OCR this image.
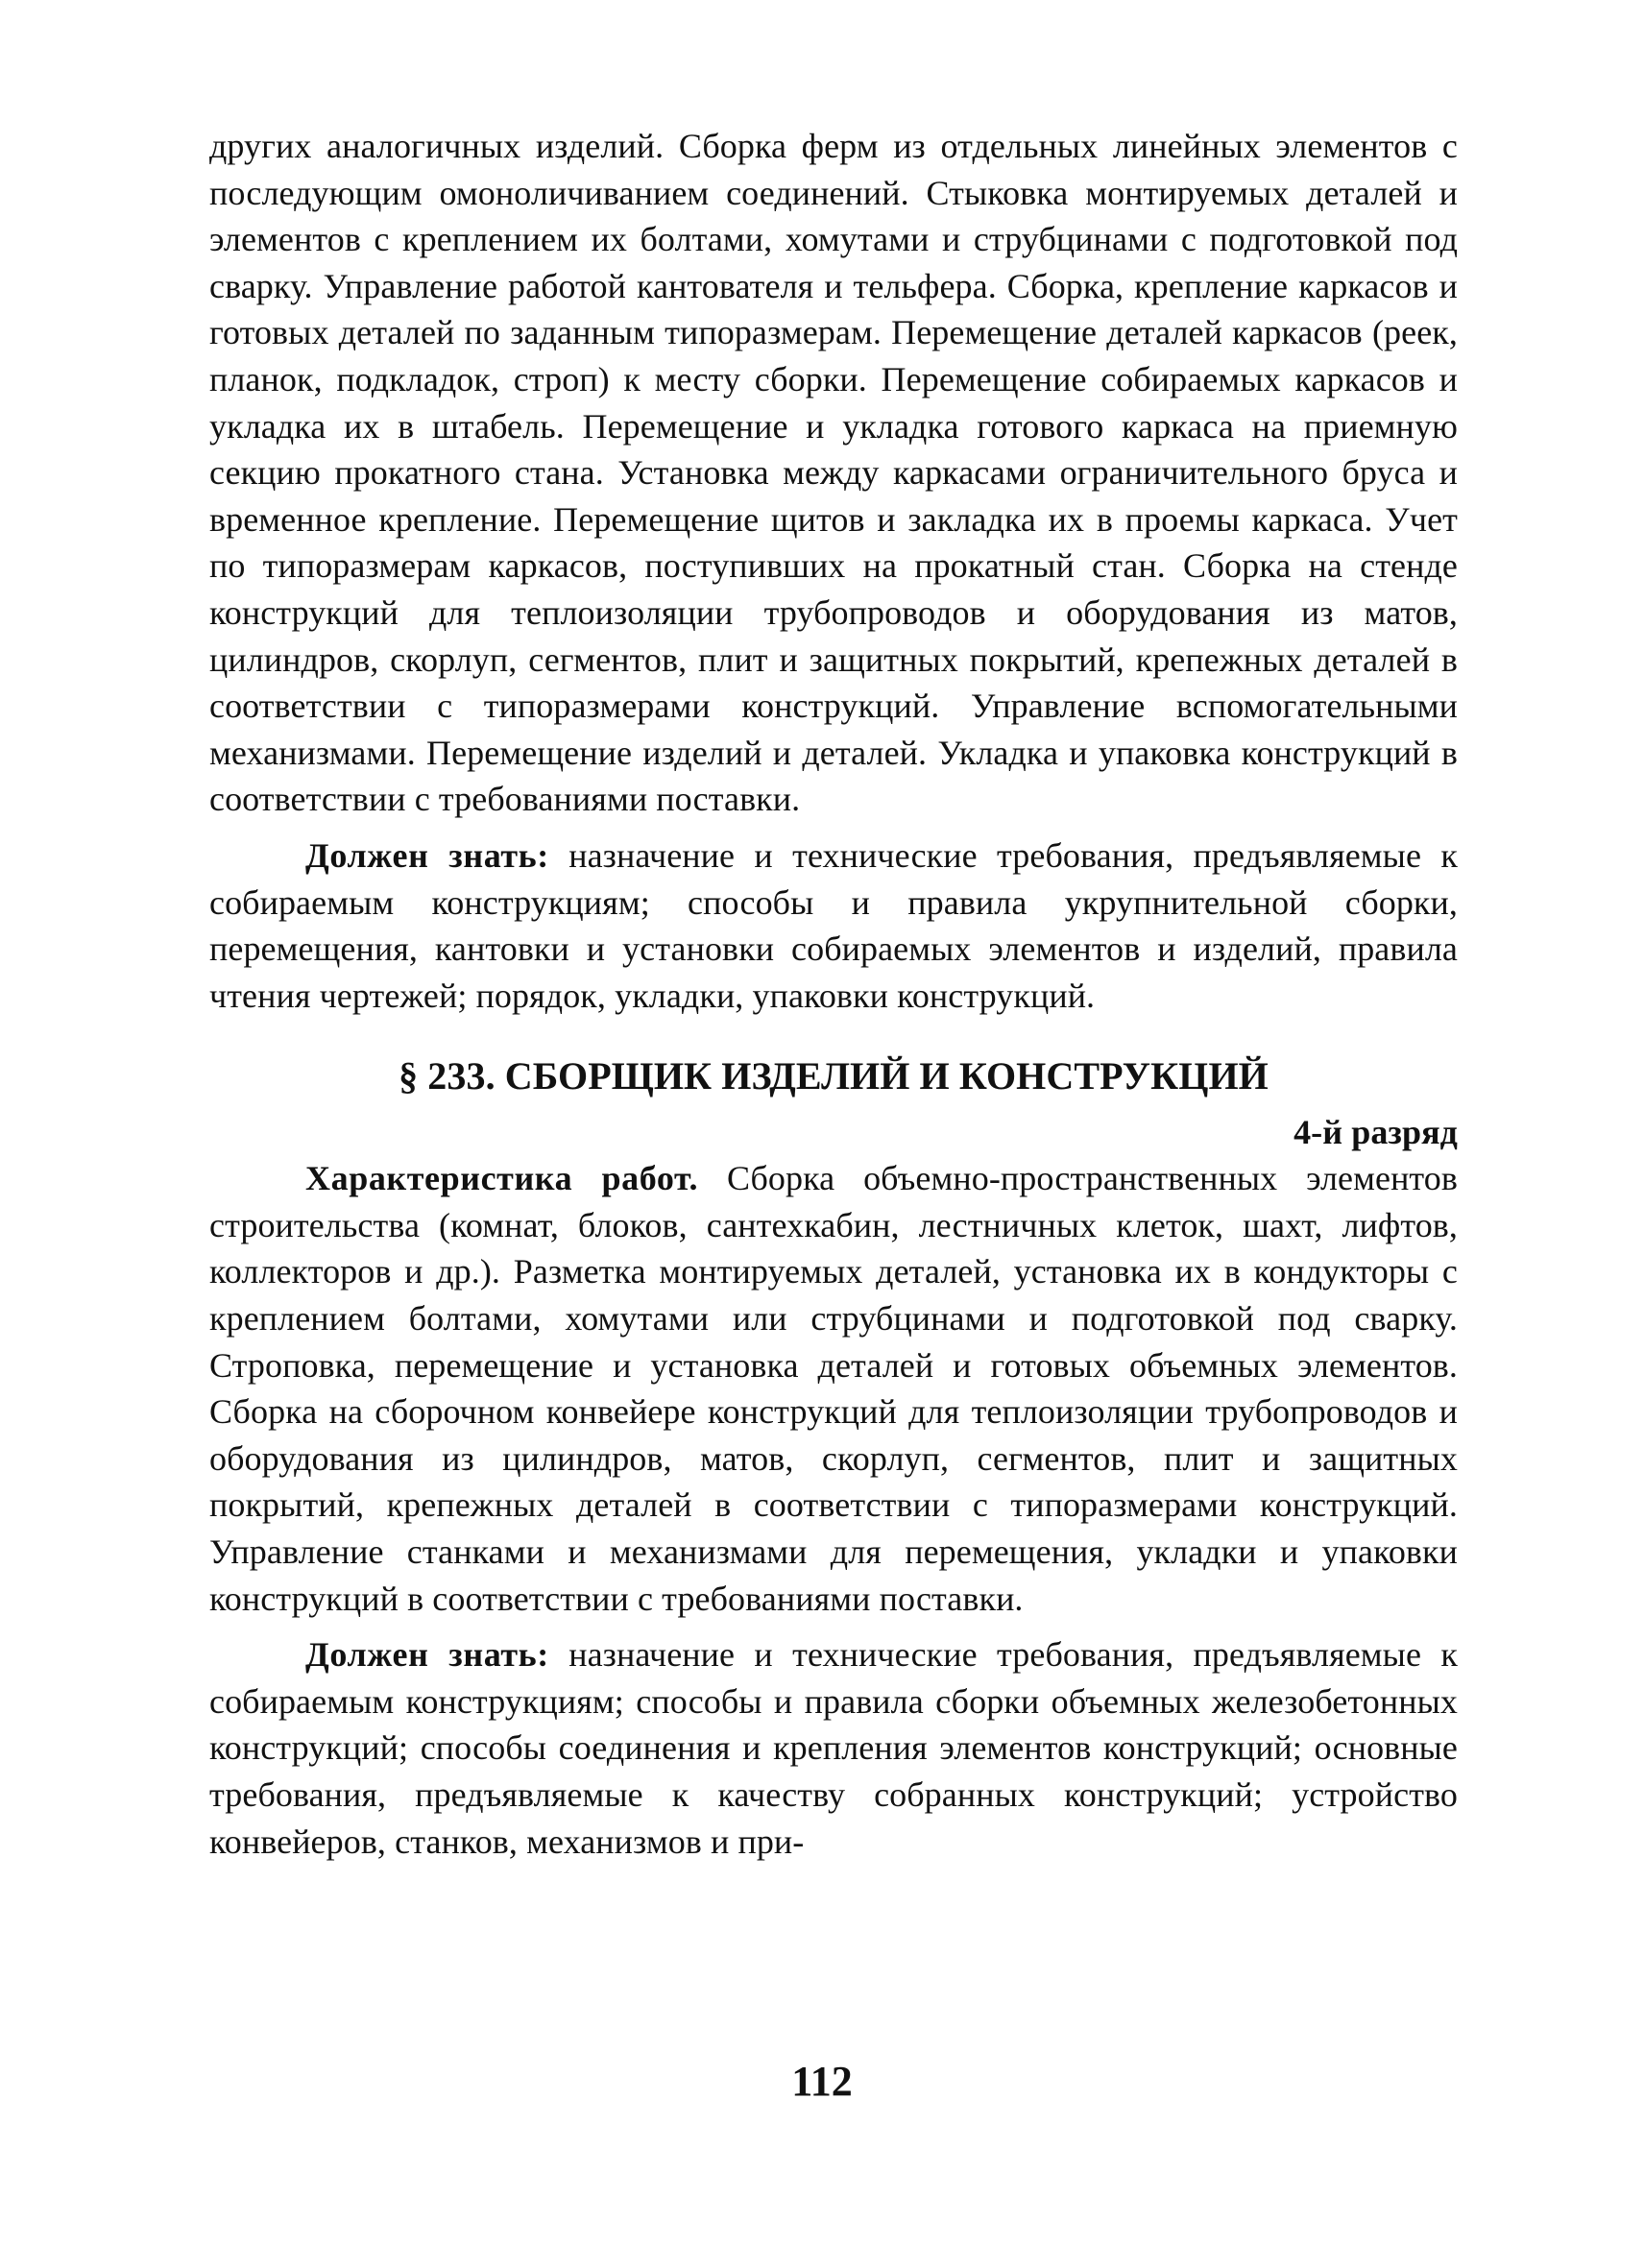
других аналогичных изделий. Сборка ферм из отдельных линейных элементов с последующим омоноличиванием соединений. Стыковка монтируемых деталей и элементов с креплением их болтами, хомутами и струбцинами с подготовкой под сварку. Управление работой кантователя и тельфера. Сборка, крепление каркасов и готовых деталей по заданным типоразмерам. Перемещение деталей каркасов (реек, планок, подкладок, строп) к месту сборки. Перемещение собираемых каркасов и укладка их в штабель. Перемещение и укладка готового каркаса на приемную секцию прокатного стана. Установка между каркасами ограничительного бруса и временное крепление. Перемещение щитов и закладка их в проемы каркаса. Учет по типоразмерам каркасов, поступивших на прокатный стан. Сборка на стенде конструкций для теплоизоляции трубопроводов и оборудования из матов, цилиндров, скорлуп, сегментов, плит и защитных покрытий, крепежных деталей в соответствии с типоразмерами конструкций. Управление вспомогательными механизмами. Перемещение изделий и деталей. Укладка и упаковка конструкций в соответствии с требованиями поставки.

Должен знать: назначение и технические требования, предъявляемые к собираемым конструкциям; способы и правила укрупнительной сборки, перемещения, кантовки и установки собираемых элементов и изделий, правила чтения чертежей; порядок, укладки, упаковки конструкций.

§ 233. СБОРЩИК ИЗДЕЛИЙ И КОНСТРУКЦИЙ
4-й разряд

Характеристика работ. Сборка объемно-пространственных элементов строительства (комнат, блоков, сантехкабин, лестничных клеток, шахт, лифтов, коллекторов и др.). Разметка монтируемых деталей, установка их в кондукторы с креплением болтами, хомутами или струбцинами и подготовкой под сварку. Строповка, перемещение и установка деталей и готовых объемных элементов. Сборка на сборочном конвейере конструкций для теплоизоляции трубопроводов и оборудования из цилиндров, матов, скорлуп, сегментов, плит и защитных покрытий, крепежных деталей в соответствии с типоразмерами конструкций. Управление станками и механизмами для перемещения, укладки и упаковки конструкций в соответствии с требованиями поставки.

Должен знать: назначение и технические требования, предъявляемые к собираемым конструкциям; способы и правила сборки объемных железобетонных конструкций; способы соединения и крепления элементов конструкций; основные требования, предъявляемые к качеству собранных конструкций; устройство конвейеров, станков, механизмов и при-

112
